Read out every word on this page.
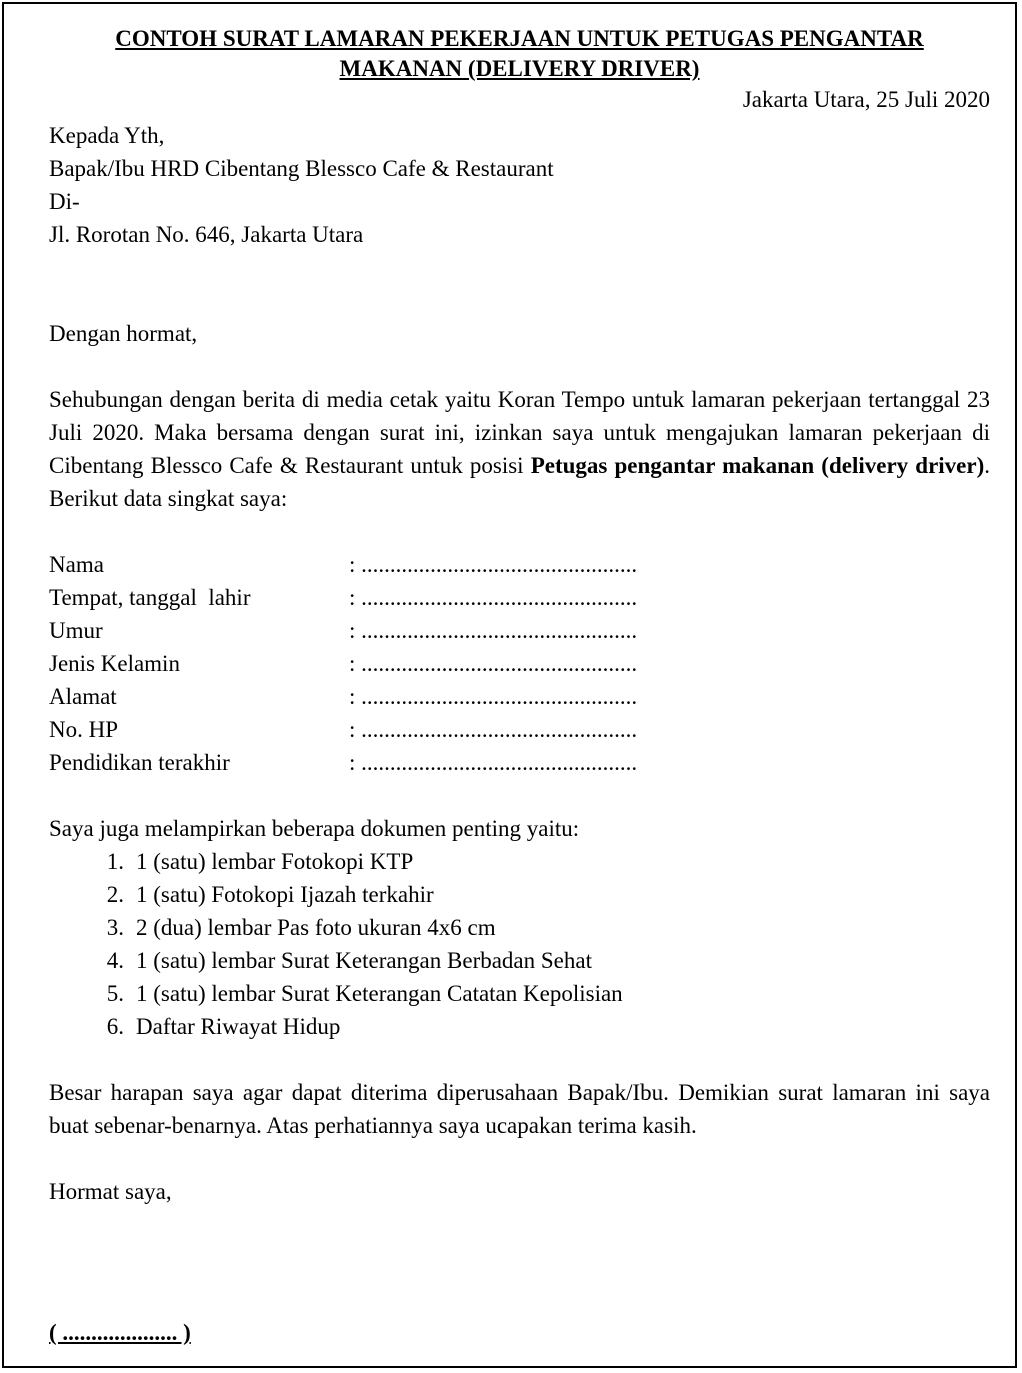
CONTOH SURAT LAMARAN PEKERJAAN UNTUK PETUGAS PENGANTAR
MAKANAN (DELIVERY DRIVER)
Jakarta Utara, 25 Juli 2020
Kepada Yth,
Bapak/Ibu HRD Cibentang Blessco Cafe & Restaurant
Di-
Jl. Rorotan No. 646, Jakarta Utara
Dengan hormat,
Sehubungan dengan berita di media cetak yaitu Koran Tempo untuk lamaran pekerjaan tertanggal 23 Juli 2020. Maka bersama dengan surat ini, izinkan saya untuk mengajukan lamaran pekerjaan di Cibentang Blessco Cafe & Restaurant untuk posisi Petugas pengantar makanan (delivery driver). Berikut data singkat saya:
Nama	: ................................................
Tempat, tanggal  lahir	: ................................................
Umur	: ................................................
Jenis Kelamin	: ................................................
Alamat	: ................................................
No. HP	: ................................................
Pendidikan terakhir	: ................................................
Saya juga melampirkan beberapa dokumen penting yaitu:
1. 1 (satu) lembar Fotokopi KTP
2. 1 (satu) Fotokopi Ijazah terkahir
3. 2 (dua) lembar Pas foto ukuran 4x6 cm
4. 1 (satu) lembar Surat Keterangan Berbadan Sehat
5. 1 (satu) lembar Surat Keterangan Catatan Kepolisian
6. Daftar Riwayat Hidup
Besar harapan saya agar dapat diterima diperusahaan Bapak/Ibu. Demikian surat lamaran ini saya buat sebenar-benarnya. Atas perhatiannya saya ucapakan terima kasih.
Hormat saya,
( .................... )
